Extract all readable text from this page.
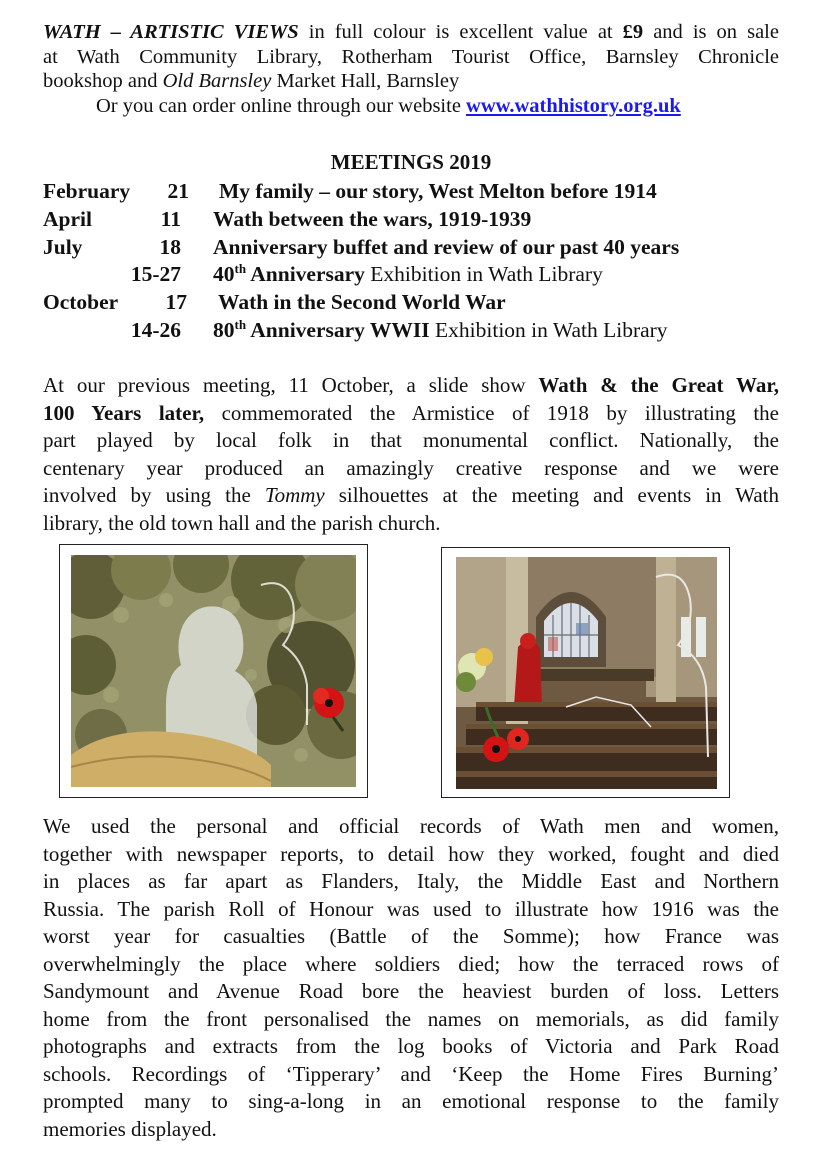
WATH – ARTISTIC VIEWS in full colour is excellent value at £9 and is on sale
at Wath Community Library, Rotherham Tourist Office, Barnsley Chronicle
bookshop and Old Barnsley Market Hall, Barnsley
Or you can order online through our website www.wathhistory.org.uk
MEETINGS 2019
February	21 My family – our story, West Melton before 1914
April	11 Wath between the wars, 1919-1939
July	18 Anniversary buffet and review of our past 40 years
15-27 40th Anniversary Exhibition in Wath Library
October	17 Wath in the Second World War
14-26 80th Anniversary WWII Exhibition in Wath Library
At our previous meeting, 11 October, a slide show Wath & the Great War,
100 Years later, commemorated the Armistice of 1918 by illustrating the
part played by local folk in that monumental conflict. Nationally, the
centenary year produced an amazingly creative response and we were
involved by using the Tommy silhouettes at the meeting and events in Wath
library, the old town hall and the parish church.
We used the personal and official records of Wath men and women,
together with newspaper reports, to detail how they worked, fought and died
in places as far apart as Flanders, Italy, the Middle East and Northern
Russia. The parish Roll of Honour was used to illustrate how 1916 was the
worst year for casualties (Battle of the Somme); how France was
overwhelmingly the place where soldiers died; how the terraced rows of
Sandymount and Avenue Road bore the heaviest burden of loss. Letters
home from the front personalised the names on memorials, as did family
photographs and extracts from the log books of Victoria and Park Road
schools. Recordings of ‘Tipperary’ and ‘Keep the Home Fires Burning’
prompted many to sing-a-long in an emotional response to the family
memories displayed.
